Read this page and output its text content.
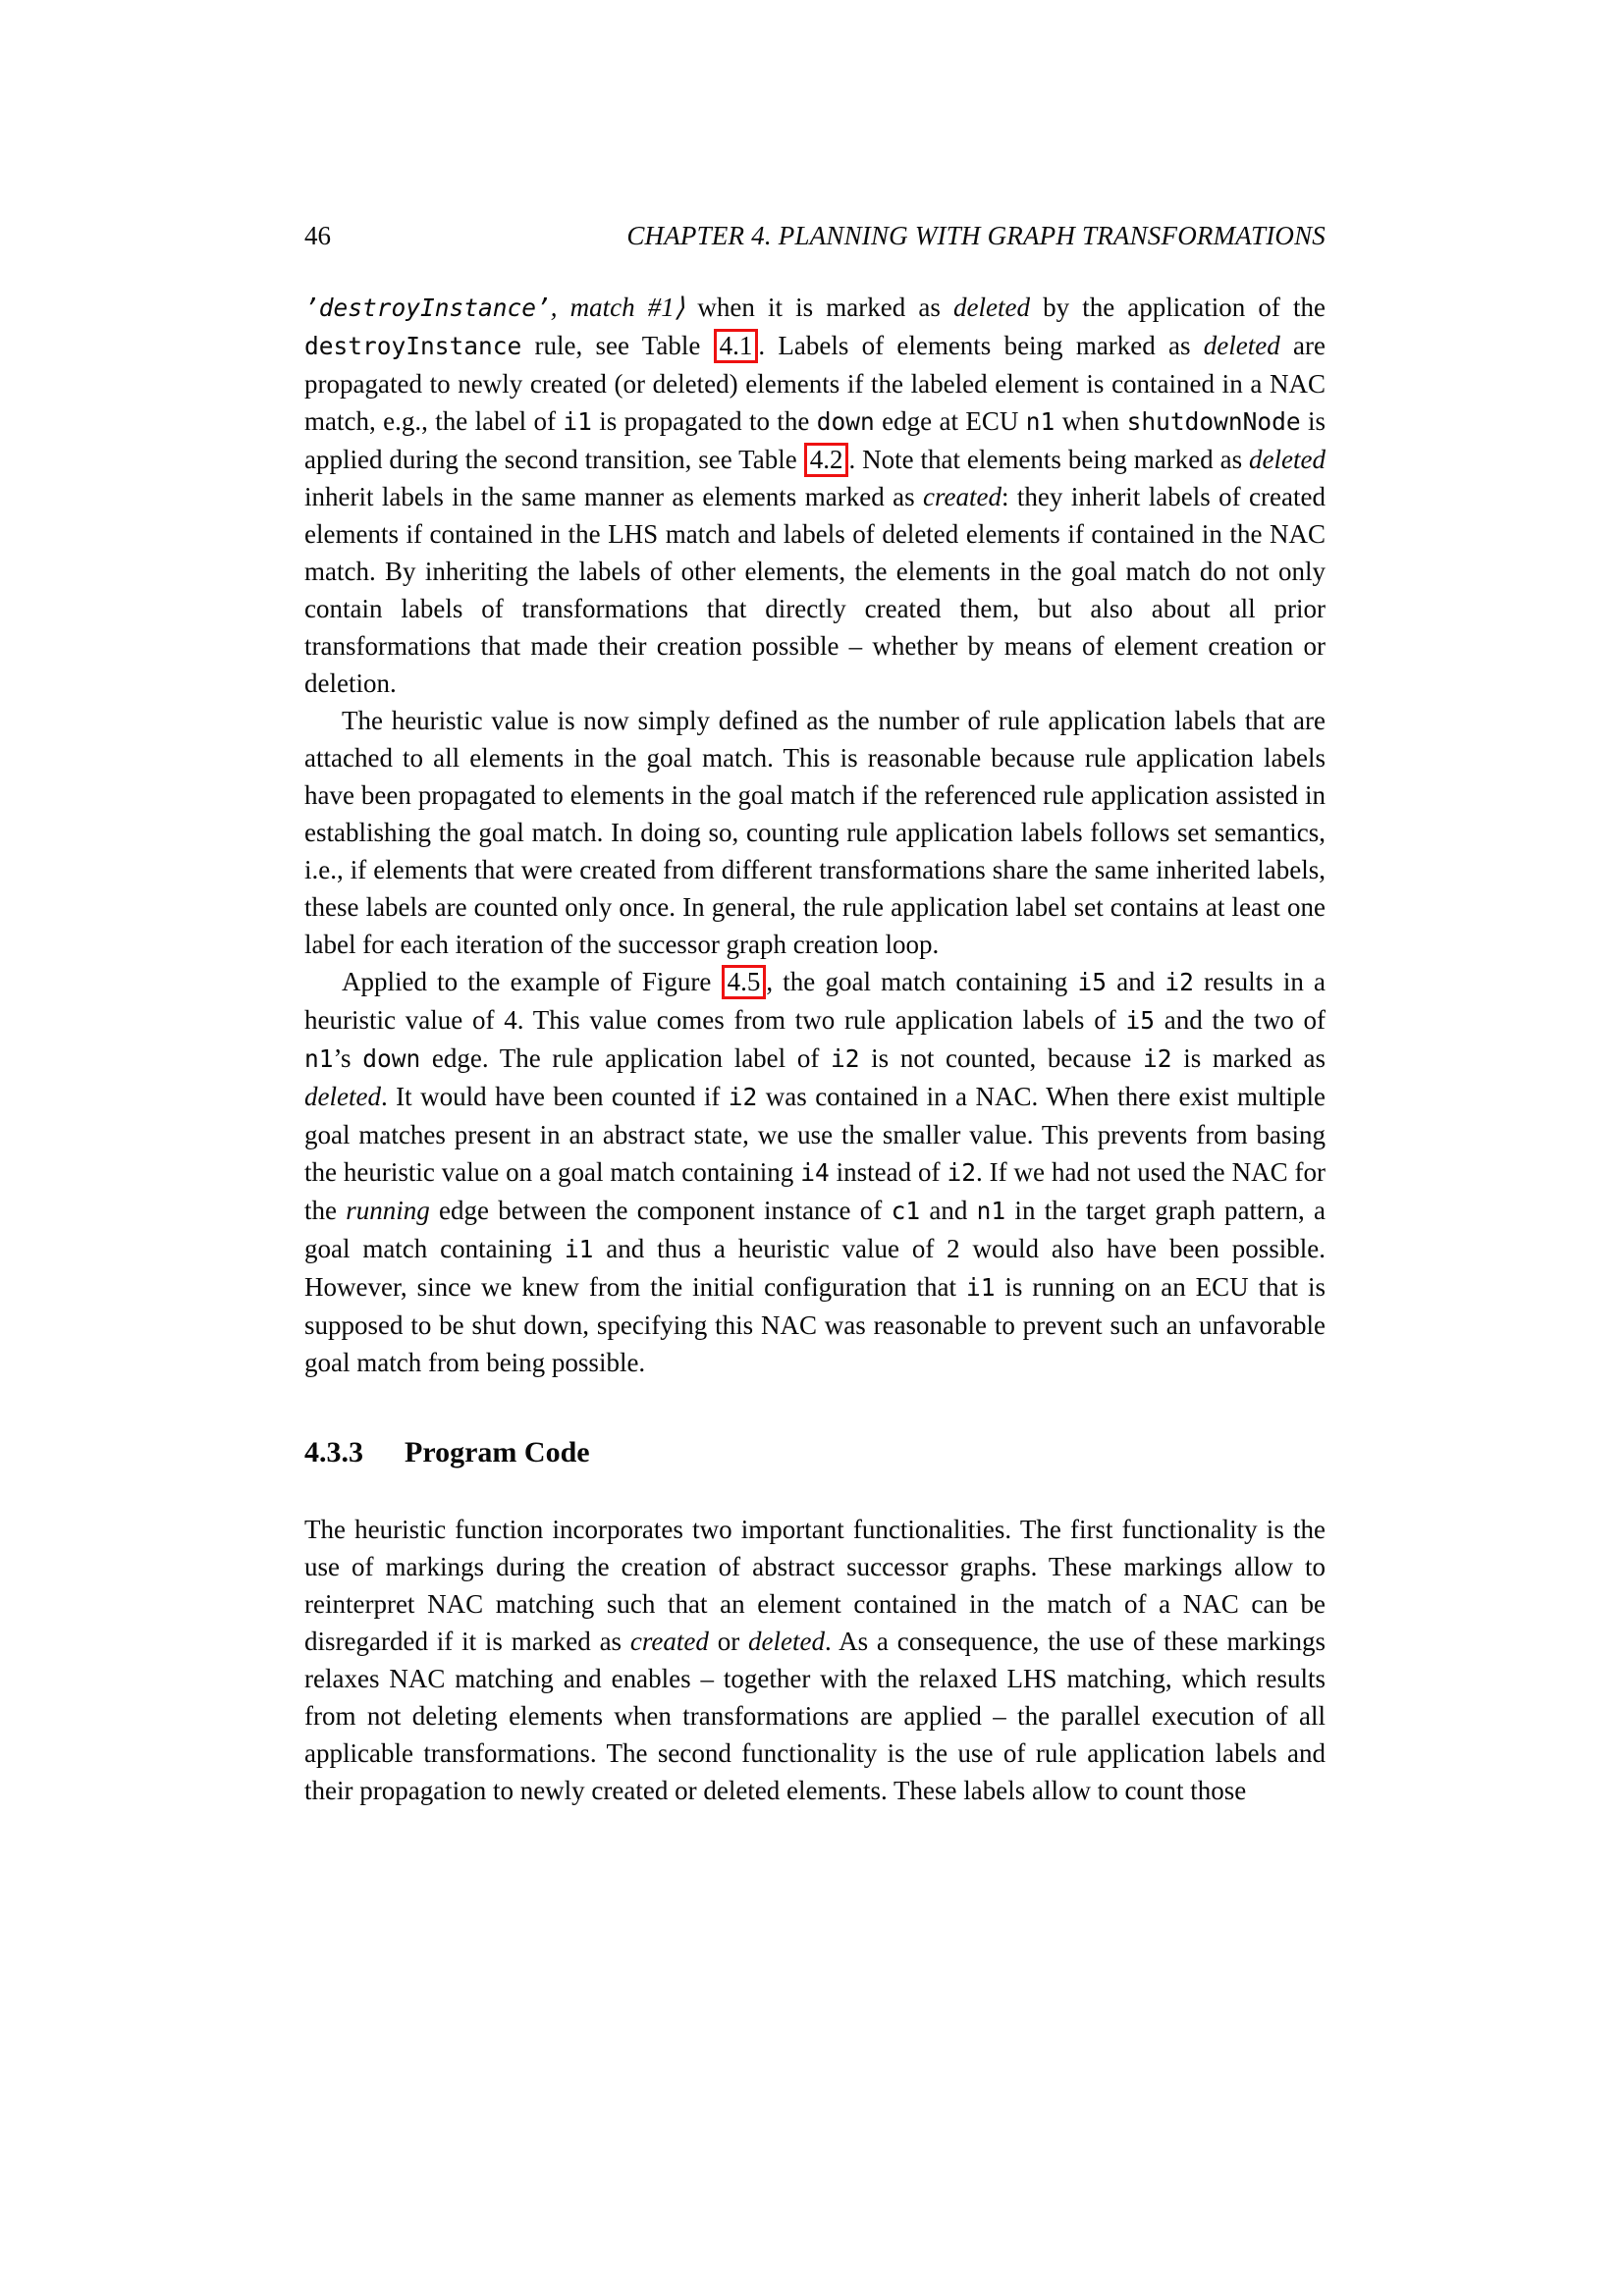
46	CHAPTER 4. PLANNING WITH GRAPH TRANSFORMATIONS

’destroyInstance’, match #1⟩ when it is marked as deleted by the application of the destroyInstance rule, see Table 4.1 . Labels of elements being marked as deleted are propagated to newly created (or deleted) elements if the labeled element is contained in a NAC match, e.g., the label of i1 is propagated to the down edge at ECU n1 when shutdownNode is applied during the second transition, see Table 4.2 . Note that elements being marked as deleted inherit labels in the same manner as elements marked as created: they inherit labels of created elements if contained in the LHS match and labels of deleted elements if contained in the NAC match. By inheriting the labels of other elements, the elements in the goal match do not only contain labels of transformations that directly created them, but also about all prior transformations that made their creation possible – whether by means of element creation or deletion.

The heuristic value is now simply defined as the number of rule application labels that are attached to all elements in the goal match. This is reasonable because rule application labels have been propagated to elements in the goal match if the referenced rule application assisted in establishing the goal match. In doing so, counting rule application labels follows set semantics, i.e., if elements that were created from different transformations share the same inherited labels, these labels are counted only once. In general, the rule application label set contains at least one label for each iteration of the successor graph creation loop.

Applied to the example of Figure 4.5 , the goal match containing i5 and i2 results in a heuristic value of 4. This value comes from two rule application labels of i5 and the two of n1’s down edge. The rule application label of i2 is not counted, because i2 is marked as deleted. It would have been counted if i2 was contained in a NAC. When there exist multiple goal matches present in an abstract state, we use the smaller value. This prevents from basing the heuristic value on a goal match containing i4 instead of i2. If we had not used the NAC for the running edge between the component instance of c1 and n1 in the target graph pattern, a goal match containing i1 and thus a heuristic value of 2 would also have been possible. However, since we knew from the initial configuration that i1 is running on an ECU that is supposed to be shut down, specifying this NAC was reasonable to prevent such an unfavorable goal match from being possible.

4.3.3 Program Code

The heuristic function incorporates two important functionalities. The first functionality is the use of markings during the creation of abstract successor graphs. These markings allow to reinterpret NAC matching such that an element contained in the match of a NAC can be disregarded if it is marked as created or deleted. As a consequence, the use of these markings relaxes NAC matching and enables – together with the relaxed LHS matching, which results from not deleting elements when transformations are applied – the parallel execution of all applicable transformations. The second functionality is the use of rule application labels and their propagation to newly created or deleted elements. These labels allow to count those
